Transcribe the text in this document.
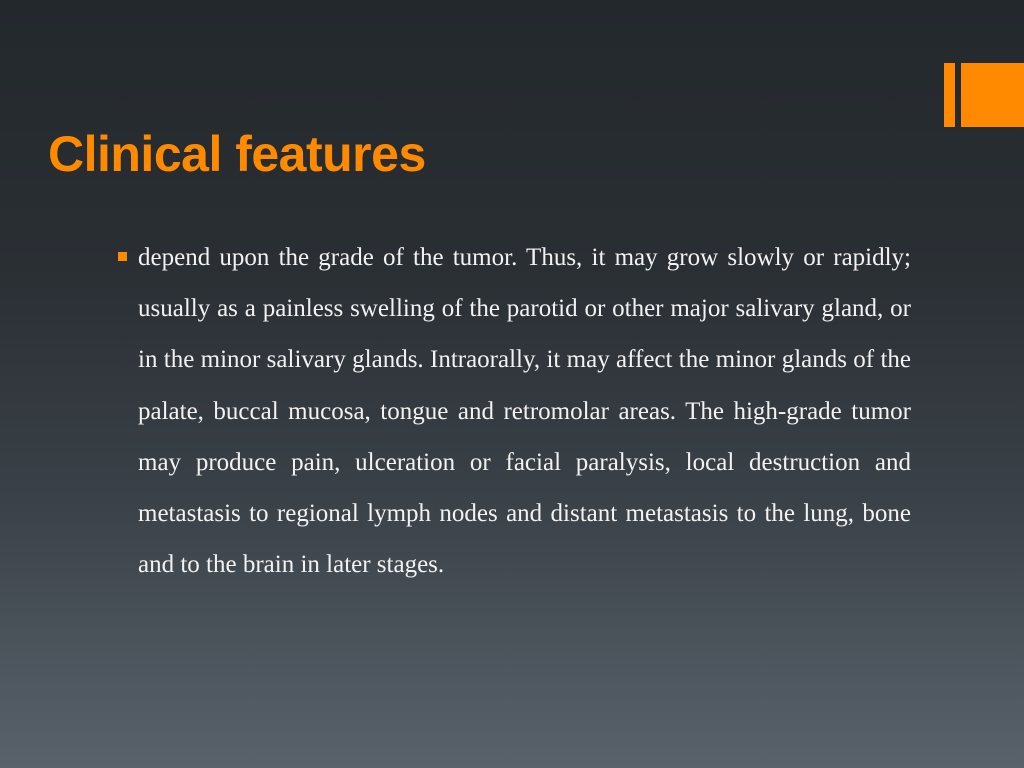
Clinical features

depend upon the grade of the tumor. Thus, it may grow slowly or rapidly; usually as a painless swelling of the parotid or other major salivary gland, or in the minor salivary glands. Intraorally, it may affect the minor glands of the palate, buccal mucosa, tongue and retromolar areas. The high-grade tumor may produce pain, ulceration or facial paralysis, local destruction and metastasis to regional lymph nodes and distant metastasis to the lung, bone and to the brain in later stages.
